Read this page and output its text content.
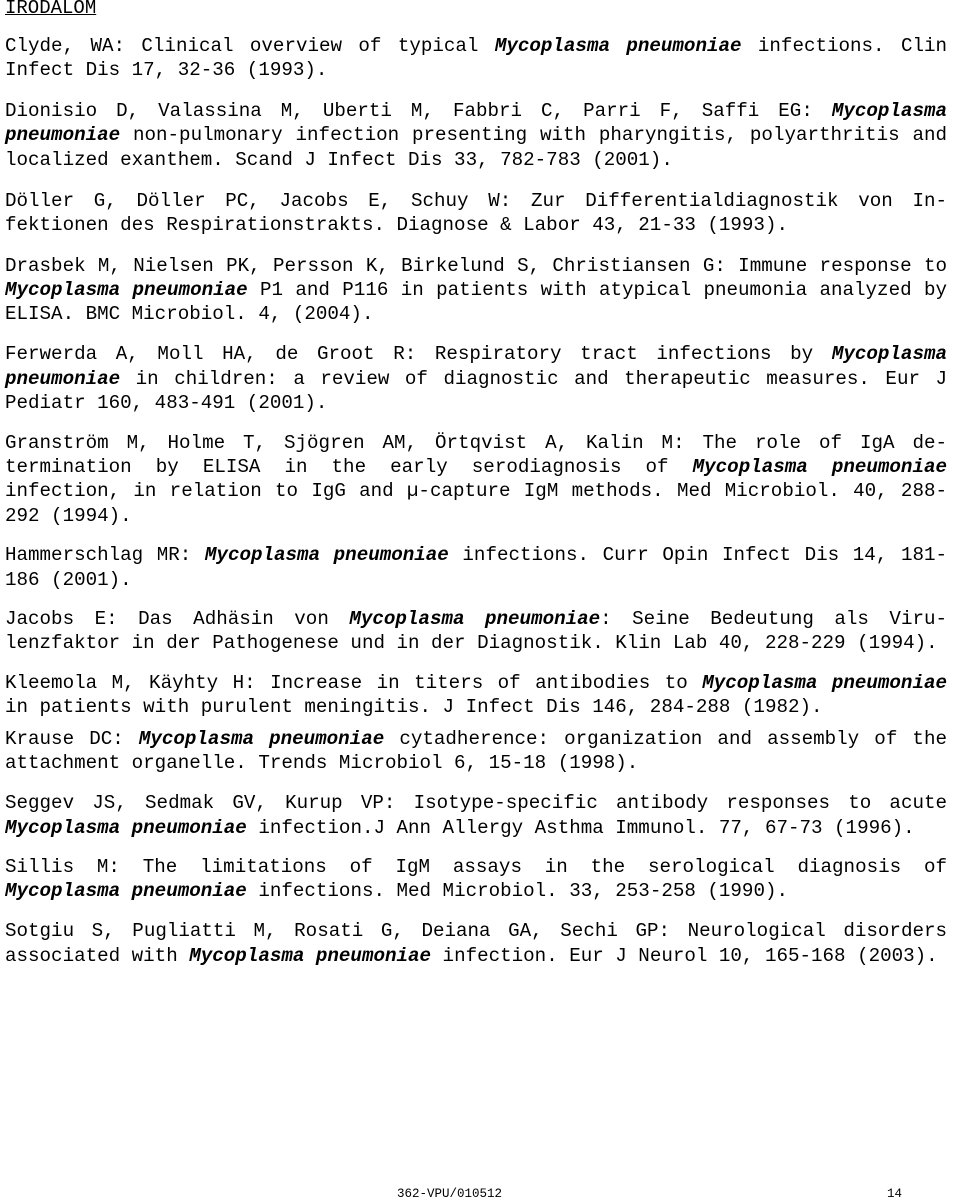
IRODALOM
Clyde, WA: Clinical overview of typical Mycoplasma pneumoniae infections. Clin Infect Dis 17, 32-36 (1993).
Dionisio D, Valassina M, Uberti M, Fabbri C, Parri F, Saffi EG: Mycoplasma pneumoniae non-pulmonary infection presenting with pharyngitis, polyarthritis and localized exanthem. Scand J Infect Dis 33, 782-783 (2001).
Döller G, Döller PC, Jacobs E, Schuy W: Zur Differentialdiagnostik von Infektionen des Respirationstrakts. Diagnose & Labor 43, 21-33 (1993).
Drasbek M, Nielsen PK, Persson K, Birkelund S, Christiansen G: Immune response to Mycoplasma pneumoniae P1 and P116 in patients with atypical pneumonia analyzed by ELISA. BMC Microbiol. 4, (2004).
Ferwerda A, Moll HA, de Groot R: Respiratory tract infections by Mycoplasma pneumoniae in children: a review of diagnostic and therapeutic measures. Eur J Pediatr 160, 483-491 (2001).
Granström M, Holme T, Sjögren AM, Örtqvist A, Kalin M: The role of IgA determination by ELISA in the early serodiagnosis of Mycoplasma pneumoniae infection, in relation to IgG and µ-capture IgM methods. Med Microbiol. 40, 288-292 (1994).
Hammerschlag MR: Mycoplasma pneumoniae infections. Curr Opin Infect Dis 14, 181-186 (2001).
Jacobs E: Das Adhäsin von Mycoplasma pneumoniae: Seine Bedeutung als Virulenzfaktor in der Pathogenese und in der Diagnostik. Klin Lab 40, 228-229 (1994).
Kleemola M, Käyhty H: Increase in titers of antibodies to Mycoplasma pneumoniae in patients with purulent meningitis. J Infect Dis 146, 284-288 (1982).
Krause DC: Mycoplasma pneumoniae cytadherence: organization and assembly of the attachment organelle. Trends Microbiol 6, 15-18 (1998).
Seggev JS, Sedmak GV, Kurup VP: Isotype-specific antibody responses to acute Mycoplasma pneumoniae infection.J Ann Allergy Asthma Immunol. 77, 67-73 (1996).
Sillis M: The limitations of IgM assays in the serological diagnosis of Mycoplasma pneumoniae infections. Med Microbiol. 33, 253-258 (1990).
Sotgiu S, Pugliatti M, Rosati G, Deiana GA, Sechi GP: Neurological disorders associated with Mycoplasma pneumoniae infection. Eur J Neurol 10, 165-168 (2003).
362-VPU/010512	14
